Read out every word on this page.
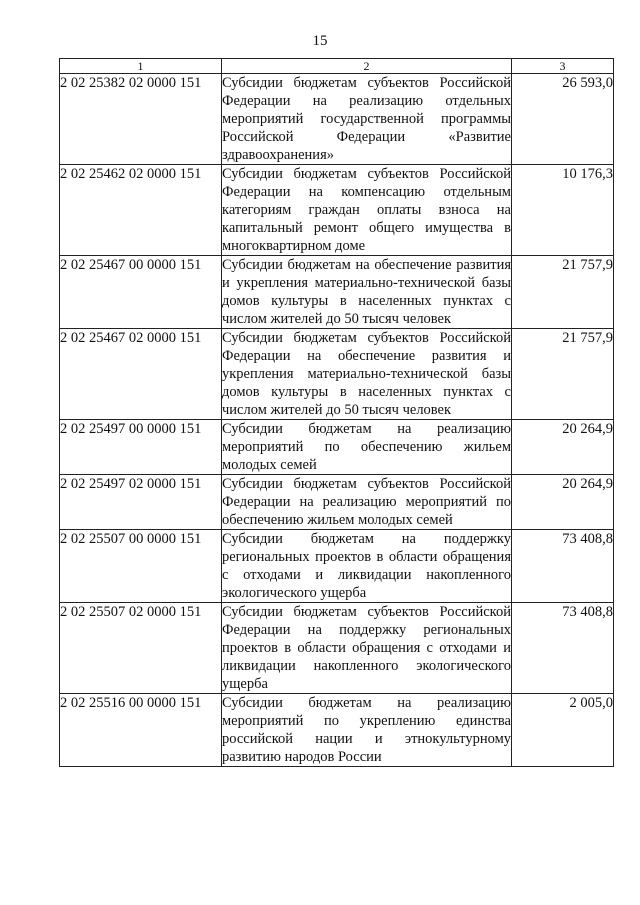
15
1	2	3
2 02 25382 02 0000 151	Субсидии бюджетам субъектов Российской Федерации на реализацию отдельных мероприятий государственной программы Российской Федерации «Развитие здравоохранения»	26 593,0
2 02 25462 02 0000 151	Субсидии бюджетам субъектов Российской Федерации на компенсацию отдельным категориям граждан оплаты взноса на капитальный ремонт общего имущества в многоквартирном доме	10 176,3
2 02 25467 00 0000 151	Субсидии бюджетам на обеспечение развития и укрепления материально-технической базы домов культуры в населенных пунктах с числом жителей до 50 тысяч человек	21 757,9
2 02 25467 02 0000 151	Субсидии бюджетам субъектов Российской Федерации на обеспечение развития и укрепления материально-технической базы домов культуры в населенных пунктах с числом жителей до 50 тысяч человек	21 757,9
2 02 25497 00 0000 151	Субсидии бюджетам на реализацию мероприятий по обеспечению жильем молодых семей	20 264,9
2 02 25497 02 0000 151	Субсидии бюджетам субъектов Российской Федерации на реализацию мероприятий по обеспечению жильем молодых семей	20 264,9
2 02 25507 00 0000 151	Субсидии бюджетам на поддержку региональных проектов в области обращения с отходами и ликвидации накопленного экологического ущерба	73 408,8
2 02 25507 02 0000 151	Субсидии бюджетам субъектов Российской Федерации на поддержку региональных проектов в области обращения с отходами и ликвидации накопленного экологического ущерба	73 408,8
2 02 25516 00 0000 151	Субсидии бюджетам на реализацию мероприятий по укреплению единства российской нации и этнокультурному развитию народов России	2 005,0
